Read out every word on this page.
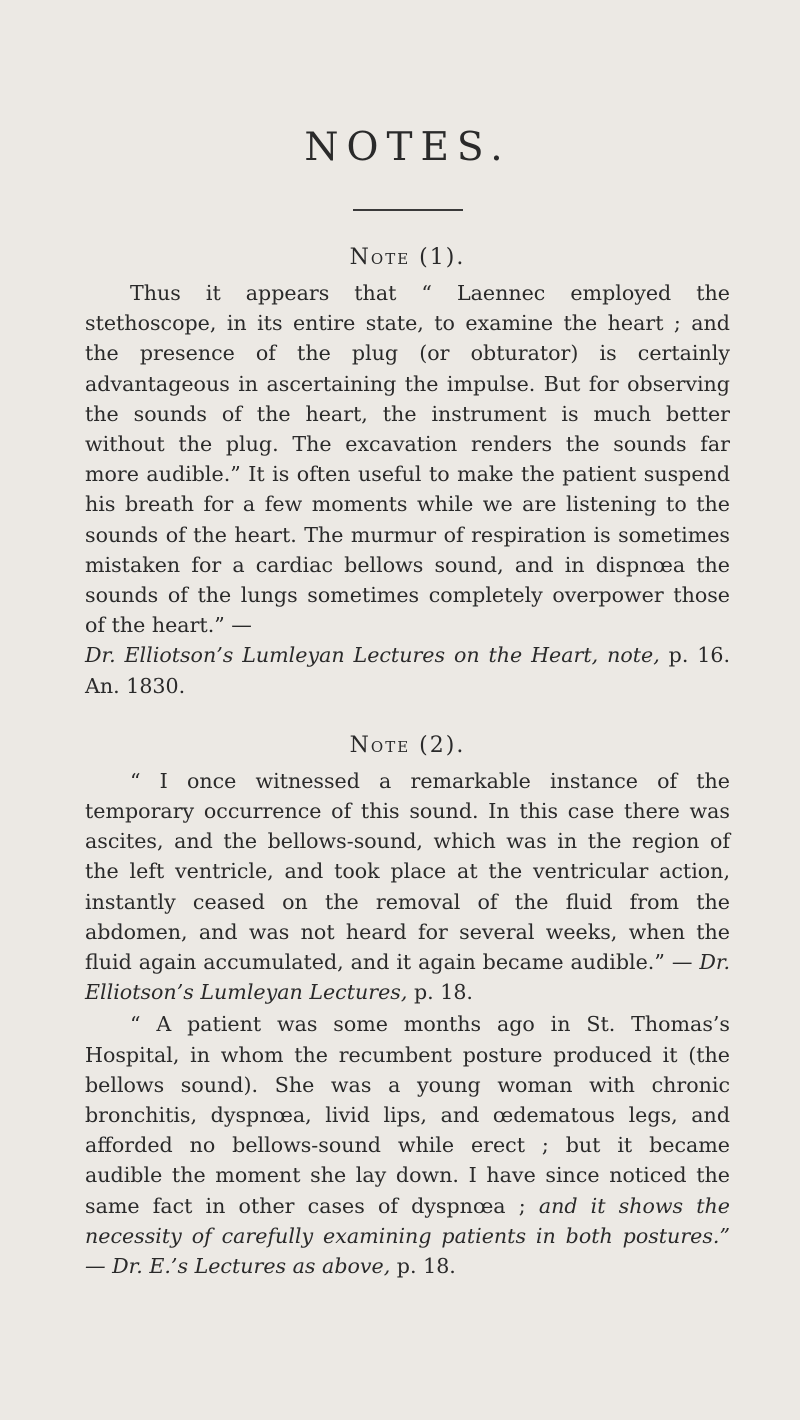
NOTES.
Note (1).

Thus it appears that “ Laennec employed the stethoscope, in its entire state, to examine the heart ; and the presence of the plug (or obturator) is certainly advantageous in ascertaining the impulse. But for observing the sounds of the heart, the instrument is much better without the plug. The excavation renders the sounds far more audible.” It is often useful to make the patient suspend his breath for a few moments while we are listening to the sounds of the heart. The murmur of respiration is sometimes mistaken for a cardiac bellows sound, and in dispnœa the sounds of the lungs sometimes completely overpower those of the heart.” —
Dr. Elliotson’s Lumleyan Lectures on the Heart, note, p. 16. An. 1830.

Note (2).

“ I once witnessed a remarkable instance of the temporary occurrence of this sound. In this case there was ascites, and the bellows-sound, which was in the region of the left ventricle, and took place at the ventricular action, instantly ceased on the removal of the fluid from the abdomen, and was not heard for several weeks, when the fluid again accumulated, and it again became audible.” — Dr. Elliotson’s Lumleyan Lectures, p. 18.

“ A patient was some months ago in St. Thomas’s Hospital, in whom the recumbent posture produced it (the bellows sound). She was a young woman with chronic bronchitis, dyspnœa, livid lips, and œdematous legs, and afforded no bellows-sound while erect ; but it became audible the moment she lay down. I have since noticed the same fact in other cases of dyspnœa ; and it shows the necessity of carefully examining patients in both postures.” — Dr. E.’s Lectures as above, p. 18.
